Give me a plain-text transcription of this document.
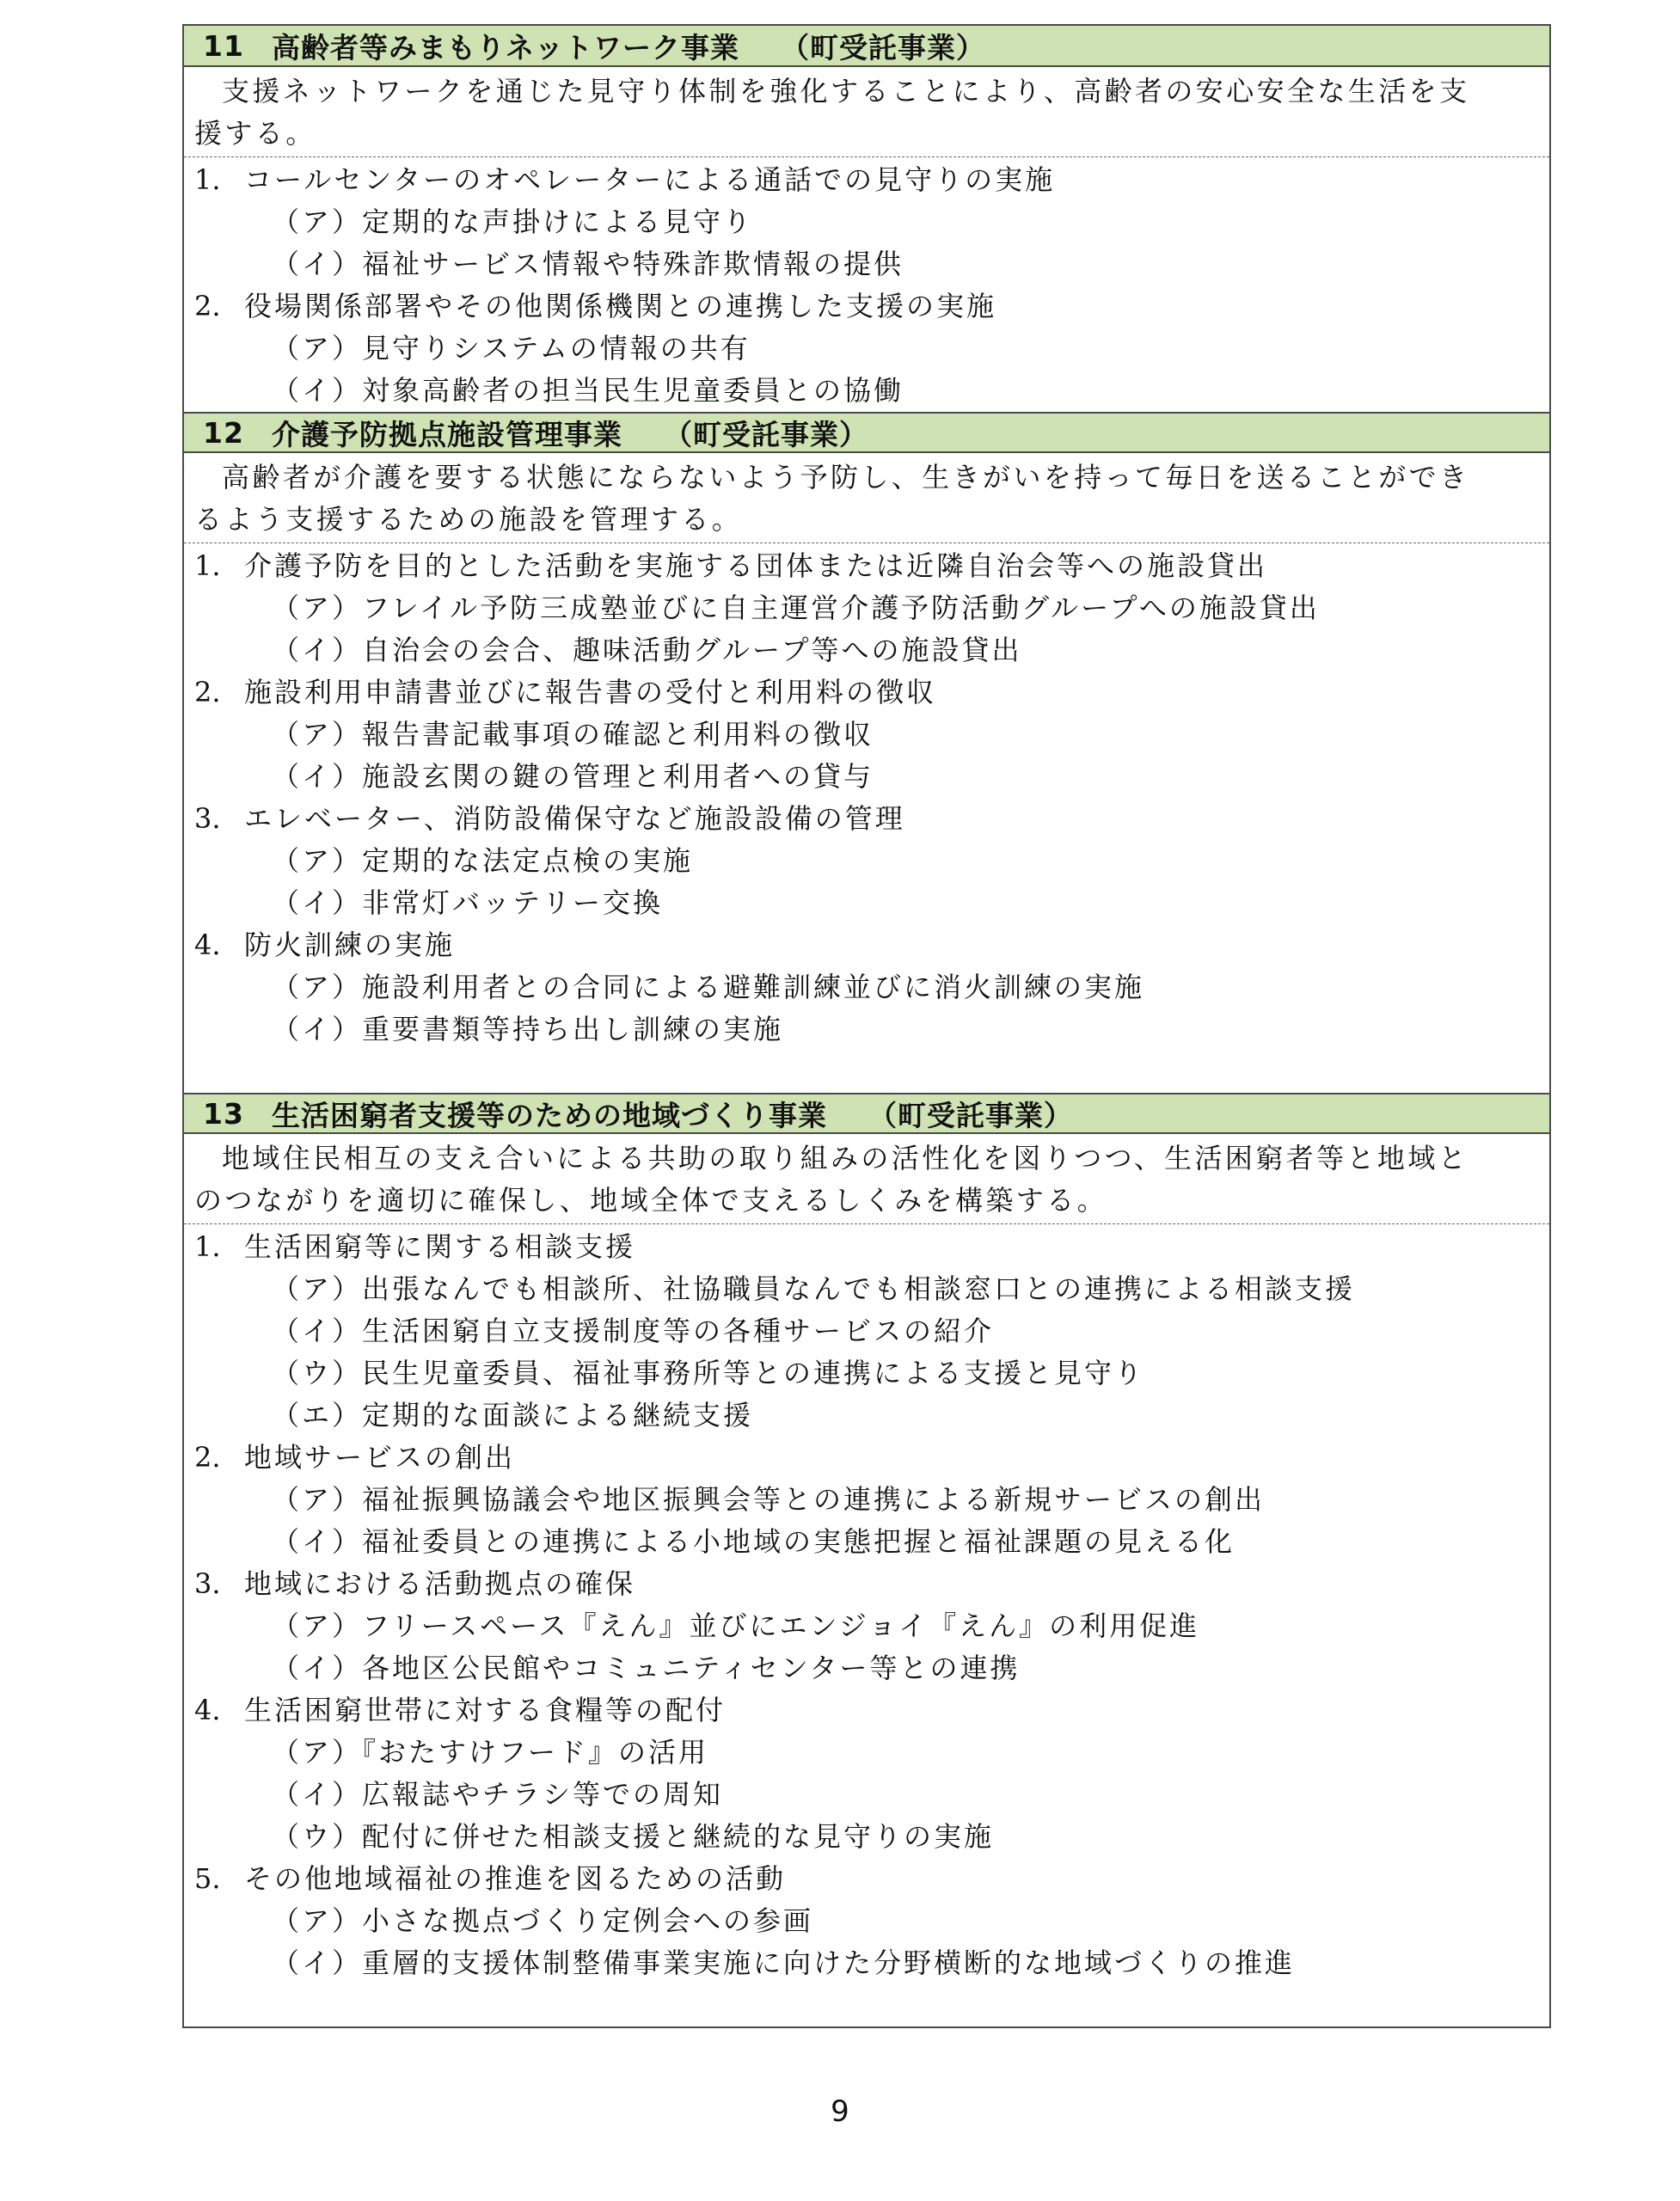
11 高齢者等みまもりネットワーク事業 （町受託事業）
支援ネットワークを通じた見守り体制を強化することにより、高齢者の安心安全な生活を支
援する。
1. コールセンターのオペレーターによる通話での見守りの実施
（ア）定期的な声掛けによる見守り
（イ）福祉サービス情報や特殊詐欺情報の提供
2. 役場関係部署やその他関係機関との連携した支援の実施
（ア）見守りシステムの情報の共有
（イ）対象高齢者の担当民生児童委員との協働
12 介護予防拠点施設管理事業 （町受託事業）
高齢者が介護を要する状態にならないよう予防し、生きがいを持って毎日を送ることができ
るよう支援するための施設を管理する。
1. 介護予防を目的とした活動を実施する団体または近隣自治会等への施設貸出
（ア）フレイル予防三成塾並びに自主運営介護予防活動グループへの施設貸出
（イ）自治会の会合、趣味活動グループ等への施設貸出
2. 施設利用申請書並びに報告書の受付と利用料の徴収
（ア）報告書記載事項の確認と利用料の徴収
（イ）施設玄関の鍵の管理と利用者への貸与
3. エレベーター、消防設備保守など施設設備の管理
（ア）定期的な法定点検の実施
（イ）非常灯バッテリー交換
4. 防火訓練の実施
（ア）施設利用者との合同による避難訓練並びに消火訓練の実施
（イ）重要書類等持ち出し訓練の実施
13 生活困窮者支援等のための地域づくり事業 （町受託事業）
地域住民相互の支え合いによる共助の取り組みの活性化を図りつつ、生活困窮者等と地域と
のつながりを適切に確保し、地域全体で支えるしくみを構築する。
1. 生活困窮等に関する相談支援
（ア）出張なんでも相談所、社協職員なんでも相談窓口との連携による相談支援
（イ）生活困窮自立支援制度等の各種サービスの紹介
（ウ）民生児童委員、福祉事務所等との連携による支援と見守り
（エ）定期的な面談による継続支援
2. 地域サービスの創出
（ア）福祉振興協議会や地区振興会等との連携による新規サービスの創出
（イ）福祉委員との連携による小地域の実態把握と福祉課題の見える化
3. 地域における活動拠点の確保
（ア）フリースペース『えん』並びにエンジョイ『えん』の利用促進
（イ）各地区公民館やコミュニティセンター等との連携
4. 生活困窮世帯に対する食糧等の配付
（ア）『おたすけフード』の活用
（イ）広報誌やチラシ等での周知
（ウ）配付に併せた相談支援と継続的な見守りの実施
5. その他地域福祉の推進を図るための活動
（ア）小さな拠点づくり定例会への参画
（イ）重層的支援体制整備事業実施に向けた分野横断的な地域づくりの推進
9
